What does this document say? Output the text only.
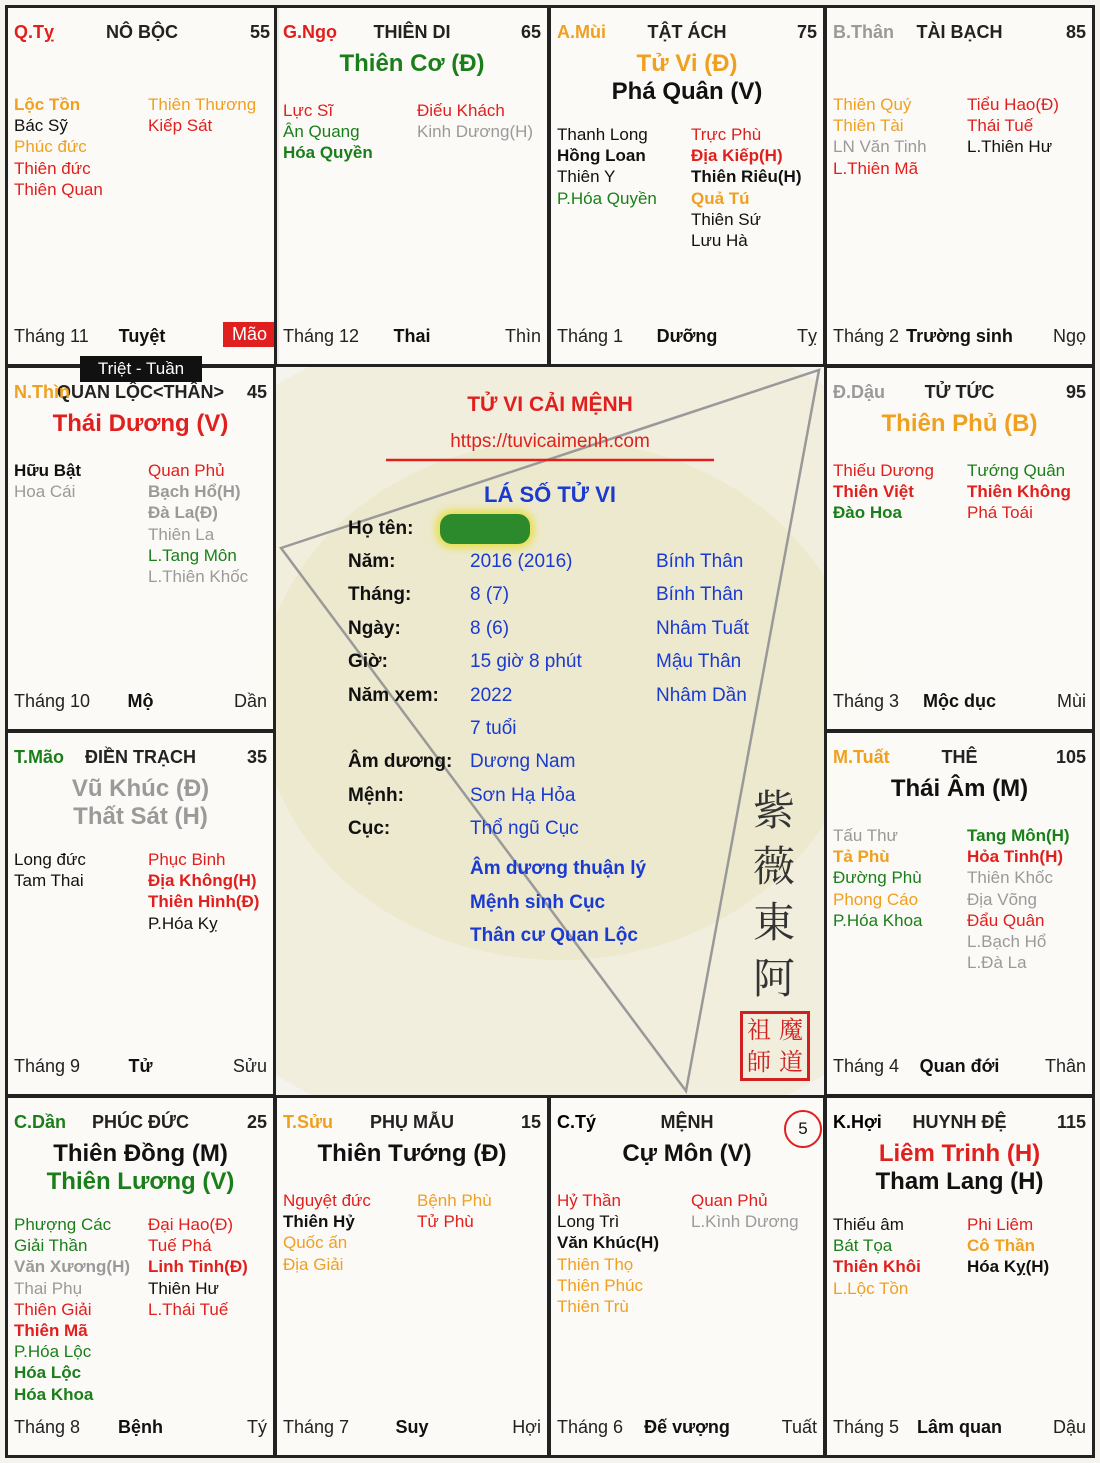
NÔ BỘC
Q.Tỵ	55
Lộc Tồn
Bác Sỹ
Phúc đức
Thiên đức
Thiên Quan
Thiên Thương
Kiếp Sát
Tuyệt
Tháng 11	Mão
THIÊN DI
G.Ngọ	65
Thiên Cơ (Đ)
Lực Sĩ
Ân Quang
Hóa Quyền
Điếu Khách
Kinh Dương(H)
Thai
Tháng 12	Thìn
TẬT ÁCH
A.Mùi	75
Tử Vi (Đ)
Phá Quân (V)
Thanh Long
Hồng Loan
Thiên Y
P.Hóa Quyền
Trực Phù
Địa Kiếp(H)
Thiên Riêu(H)
Quả Tú
Thiên Sứ
Lưu Hà
Dưỡng
Tháng 1	Tỵ
TÀI BẠCH
B.Thân	85
Thiên Quý
Thiên Tài
LN Văn Tinh
L.Thiên Mã
Tiểu Hao(Đ)
Thái Tuế
L.Thiên Hư
Trường sinh
Tháng 2	Ngọ
QUAN LỘC<THÂN>
N.Thìn	45
Thái Dương (V)
Hữu Bật
Hoa Cái
Quan Phủ
Bạch Hổ(H)
Đà La(Đ)
Thiên La
L.Tang Môn
L.Thiên Khốc
Mộ
Tháng 10	Dần
TỬ TỨC
Đ.Dậu	95
Thiên Phủ (B)
Thiếu Dương
Thiên Việt
Đào Hoa
Tướng Quân
Thiên Không
Phá Toái
Mộc dục
Tháng 3	Mùi
ĐIỀN TRẠCH
T.Mão	35
Vũ Khúc (Đ)
Thất Sát (H)
Long đức
Tam Thai
Phục Binh
Địa Không(H)
Thiên Hình(Đ)
P.Hóa Kỵ
Tử
Tháng 9	Sửu
THÊ
M.Tuất	105
Thái Âm (M)
Tấu Thư
Tả Phù
Đường Phù
Phong Cáo
P.Hóa Khoa
Tang Môn(H)
Hỏa Tinh(H)
Thiên Khốc
Địa Võng
Đẩu Quân
L.Bạch Hổ
L.Đà La
Quan đới
Tháng 4	Thân
PHÚC ĐỨC
C.Dần	25
Thiên Đồng (M)
Thiên Lương (V)
Phượng Các
Giải Thần
Văn Xương(H)
Thai Phụ
Thiên Giải
Thiên Mã
P.Hóa Lộc
Hóa Lộc
Hóa Khoa
Đại Hao(Đ)
Tuế Phá
Linh Tinh(Đ)
Thiên Hư
L.Thái Tuế
Bệnh
Tháng 8	Tý
PHỤ MẪU
T.Sửu	15
Thiên Tướng (Đ)
Nguyệt đức
Thiên Hỷ
Quốc ấn
Địa Giải
Bệnh Phù
Tử Phù
Suy
Tháng 7	Hợi
MỆNH
C.Tý
Cự Môn (V)
Hỷ Thần
Long Trì
Văn Khúc(H)
Thiên Thọ
Thiên Phúc
Thiên Trù
Quan Phủ
L.Kình Dương
Đế vượng
Tháng 6	Tuất
HUYNH ĐỆ
K.Hợi	115
Liêm Trinh (H)
Tham Lang (H)
Thiếu âm
Bát Tọa
Thiên Khôi
L.Lộc Tồn
Phi Liêm
Cô Thần
Hóa Kỵ(H)
Lâm quan
Tháng 5	Dậu
TỬ VI CẢI MỆNH
https://tuvicaimenh.com
LÁ SỐ TỬ VI
Họ tên:
Năm:	2016 (2016)	Bính Thân
Tháng:	8 (7)	Bính Thân
Ngày:	8 (6)	Nhâm Tuất
Giờ:	15 giờ 8 phút	Mậu Thân
Năm xem: 2022	Nhâm Dần
7 tuổi
Âm dương: Dương Nam
Mệnh:	Sơn Hạ Hỏa
Cục:	Thổ ngũ Cục
Âm dương thuận lý
Mệnh sinh Cục
Thân cư Quan Lộc
紫
薇
東
阿
祖 魔
師 道
Triệt - Tuần
5
